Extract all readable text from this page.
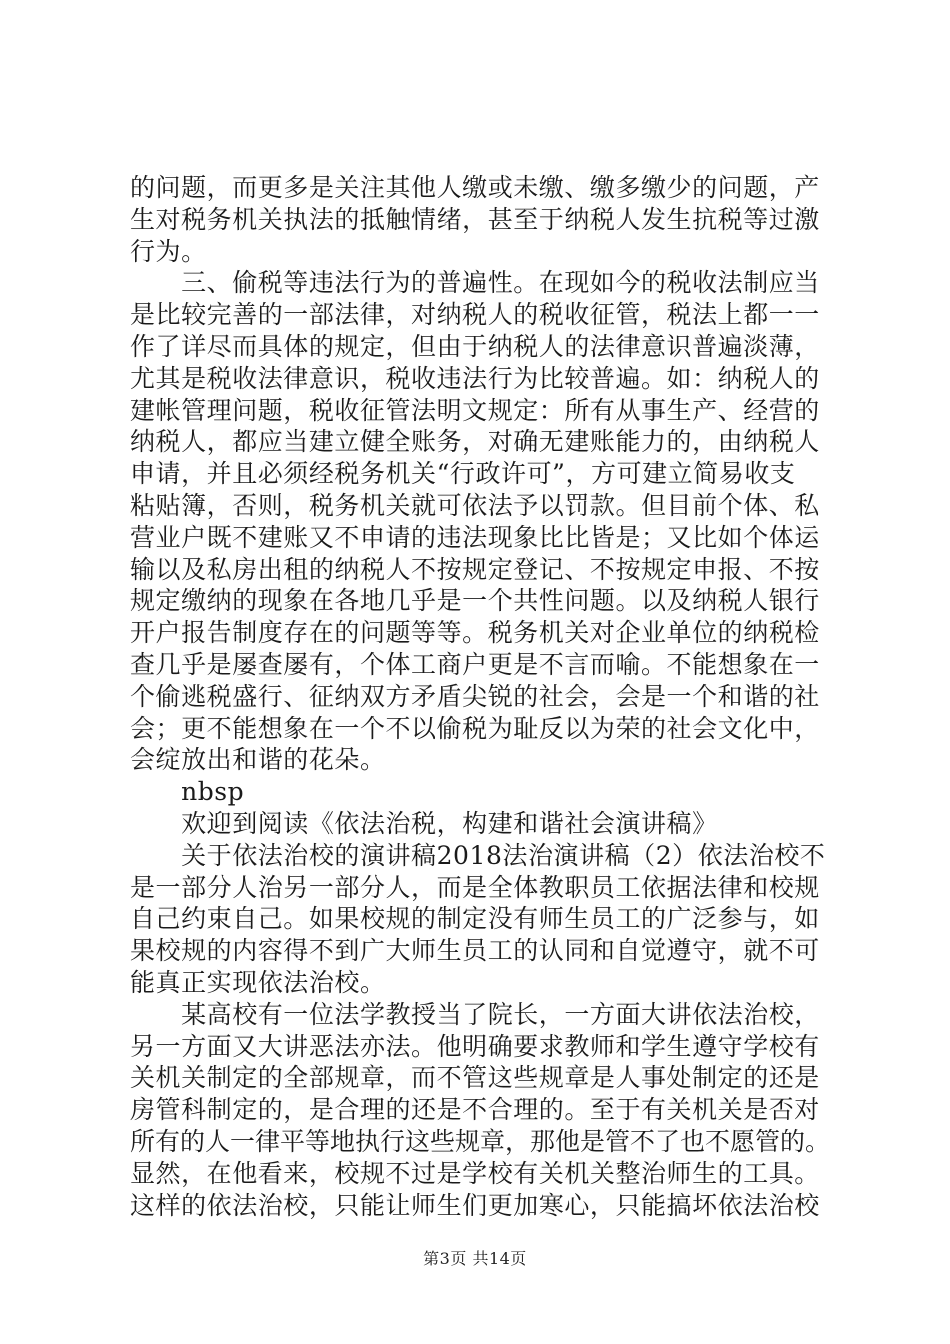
的问题，而更多是关注其他人缴或未缴、缴多缴少的问题，产
生对税务机关执法的抵触情绪，甚至于纳税人发生抗税等过激
行为。
　　三、偷税等违法行为的普遍性。在现如今的税收法制应当
是比较完善的一部法律，对纳税人的税收征管，税法上都一一
作了详尽而具体的规定，但由于纳税人的法律意识普遍淡薄，
尤其是税收法律意识，税收违法行为比较普遍。如：纳税人的
建帐管理问题，税收征管法明文规定：所有从事生产、经营的
纳税人，都应当建立健全账务，对确无建账能力的，由纳税人
申请，并且必须经税务机关“行政许可”，方可建立简易收支
粘贴簿，否则，税务机关就可依法予以罚款。但目前个体、私
营业户既不建账又不申请的违法现象比比皆是；又比如个体运
输以及私房出租的纳税人不按规定登记、不按规定申报、不按
规定缴纳的现象在各地几乎是一个共性问题。以及纳税人银行
开户报告制度存在的问题等等。税务机关对企业单位的纳税检
查几乎是屡查屡有，个体工商户更是不言而喻。不能想象在一
个偷逃税盛行、征纳双方矛盾尖锐的社会，会是一个和谐的社
会；更不能想象在一个不以偷税为耻反以为荣的社会文化中，
会绽放出和谐的花朵。
　　nbsp
　　欢迎到阅读《依法治税，构建和谐社会演讲稿》
　　关于依法治校的演讲稿2018法治演讲稿（2）依法治校不
是一部分人治另一部分人，而是全体教职员工依据法律和校规
自己约束自己。如果校规的制定没有师生员工的广泛参与，如
果校规的内容得不到广大师生员工的认同和自觉遵守，就不可
能真正实现依法治校。
　　某高校有一位法学教授当了院长，一方面大讲依法治校，
另一方面又大讲恶法亦法。他明确要求教师和学生遵守学校有
关机关制定的全部规章，而不管这些规章是人事处制定的还是
房管科制定的，是合理的还是不合理的。至于有关机关是否对
所有的人一律平等地执行这些规章，那他是管不了也不愿管的。
显然，在他看来，校规不过是学校有关机关整治师生的工具。
这样的依法治校，只能让师生们更加寒心，只能搞坏依法治校
第3页 共14页
